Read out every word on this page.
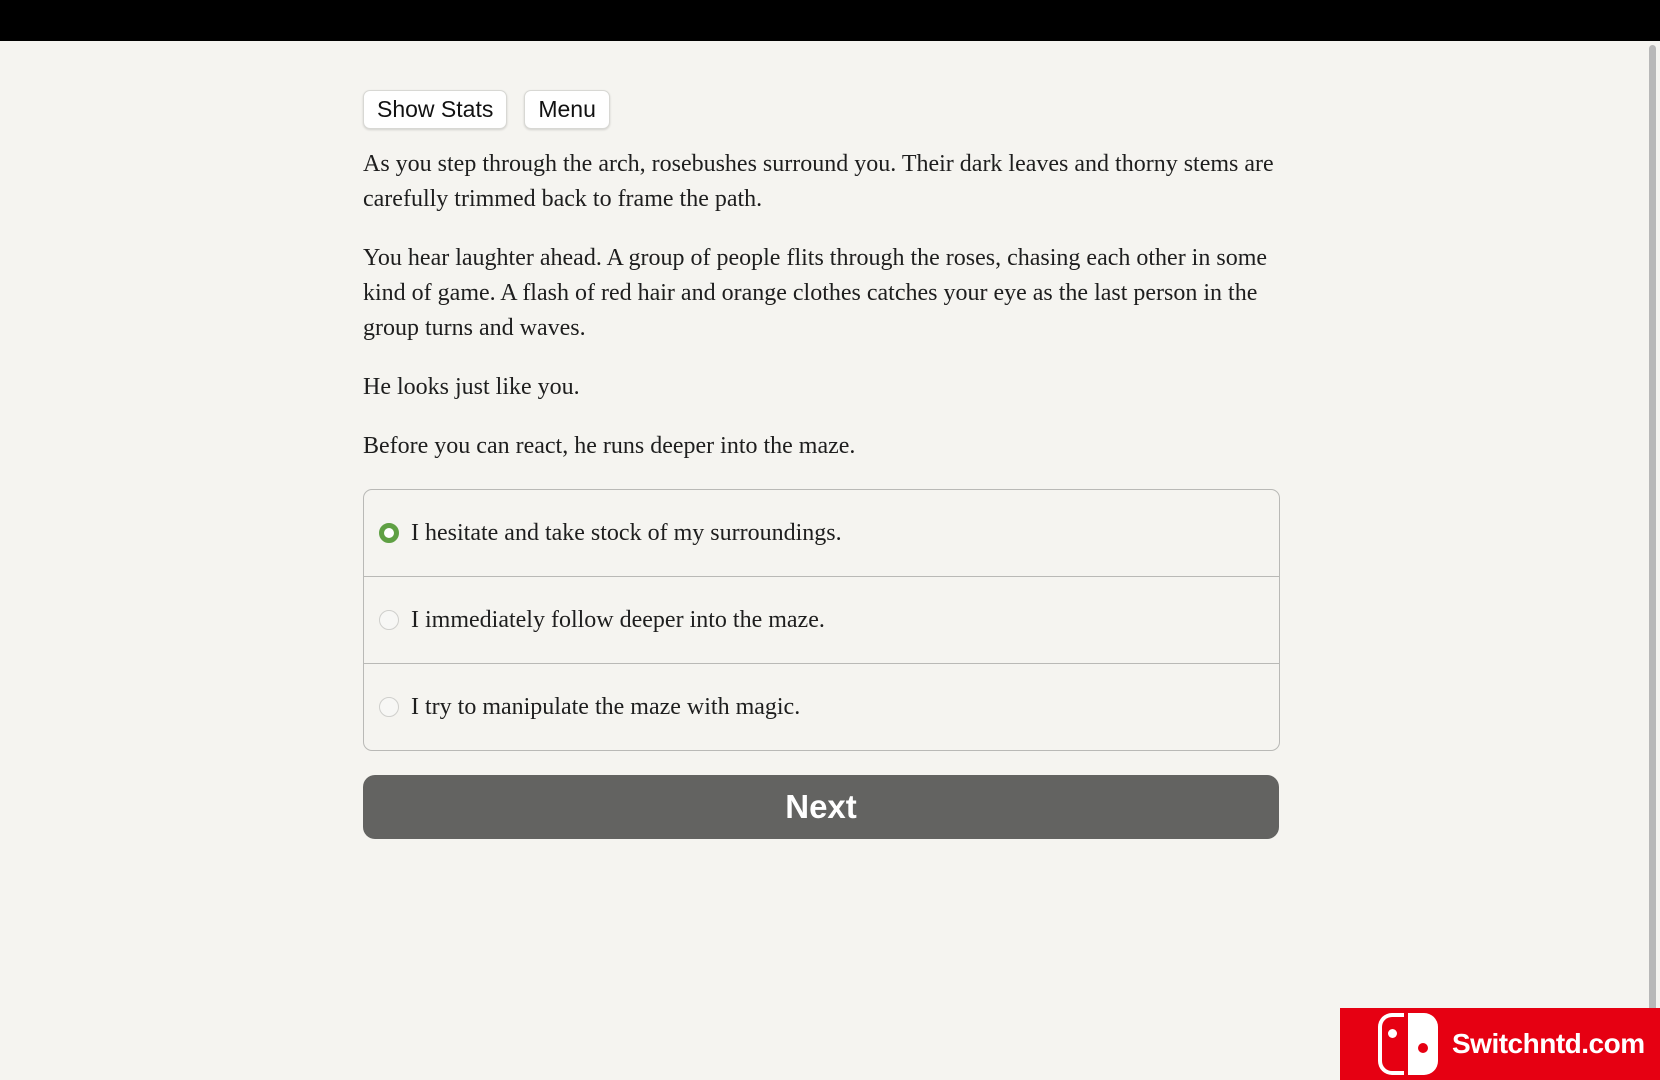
Show Stats	Menu

As you step through the arch, rosebushes surround you. Their dark leaves and thorny stems are carefully trimmed back to frame the path.

You hear laughter ahead. A group of people flits through the roses, chasing each other in some kind of game. A flash of red hair and orange clothes catches your eye as the last person in the group turns and waves.

He looks just like you.

Before you can react, he runs deeper into the maze.

I hesitate and take stock of my surroundings.
I immediately follow deeper into the maze.
I try to manipulate the maze with magic.
Next
Switchntd.com
